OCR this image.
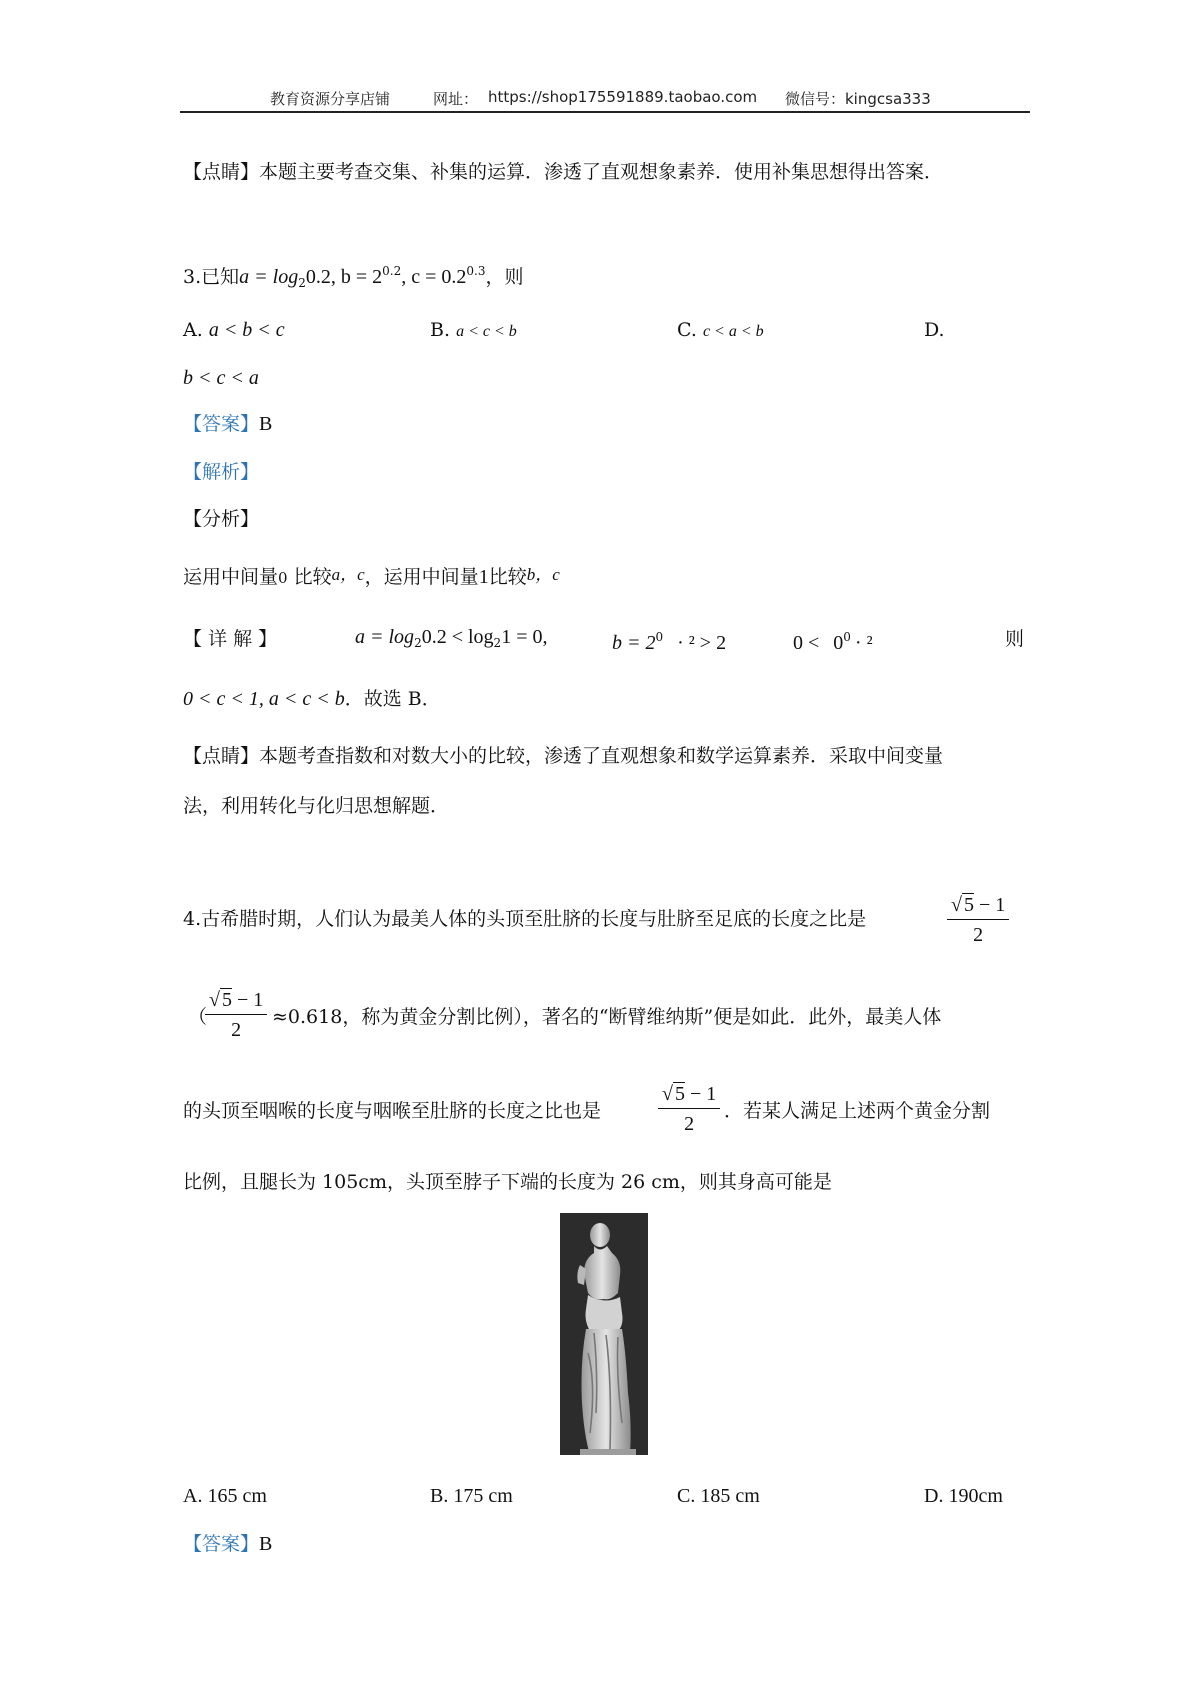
教育资源分享店铺	网址： https://shop175591889.taobao.com 微信号：kingcsa333
【点睛】本题主要考查交集、补集的运算．渗透了直观想象素养．使用补集思想得出答案．
3.已知$a = \log_20.2$, $b = 2^{0.2}$, $c = 0.2^{0.3}$，则
A. a < b < c	B. a < c < b	C. c < a < b	D.
b < c < a
【答案】B
【解析】
【分析】
运用中间量0 比较a，c，运用中间量1比较b，c
【 详 解 】	$a = \log_20.2 < \log_21 = 0$,	$b = 2^0 \cdot ^2 > 2$	$0 < 0^0 \cdot ^2$	则
0 < c < 1, a < c < b．故选 B．
【点睛】本题考查指数和对数大小的比较，渗透了直观想象和数学运算素养．采取中间变量
法，利用转化与化归思想解题．
4.古希腊时期，人们认为最美人体的头顶至肚脐的长度与肚脐至足底的长度之比是	$\frac{√ 5 - 1}{2}$
（
$\frac{√ 5 - 1}{2} \approx 0.618$，称为黄金分割比例），著名的“断臂维纳斯”便是如此．此外，最美人体
的头顶至咽喉的长度与咽喉至肚脐的长度之比也是	$\frac{√ 5 - 1}{2}$ ．若某人满足上述两个黄金分割
比例，且腿长为 105cm，头顶至脖子下端的长度为 26 cm，则其身高可能是
A. 165 cm	B. 175 cm	C. 185 cm	D. 190cm
【答案】B
